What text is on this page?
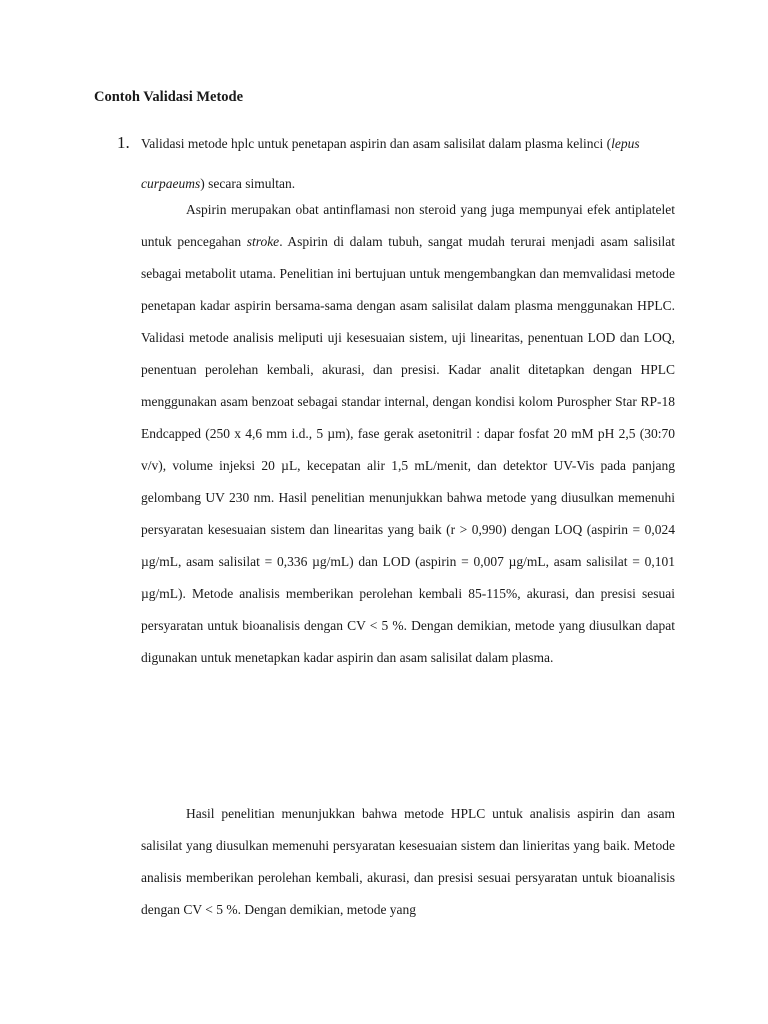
Contoh Validasi Metode
1. Validasi metode hplc untuk penetapan aspirin dan asam salisilat dalam plasma kelinci (lepus curpaeums) secara simultan.

Aspirin merupakan obat antinflamasi non steroid yang juga mempunyai efek antiplatelet untuk pencegahan stroke. Aspirin di dalam tubuh, sangat mudah terurai menjadi asam salisilat sebagai metabolit utama. Penelitian ini bertujuan untuk mengembangkan dan memvalidasi metode penetapan kadar aspirin bersama-sama dengan asam salisilat dalam plasma menggunakan HPLC. Validasi metode analisis meliputi uji kesesuaian sistem, uji linearitas, penentuan LOD dan LOQ, penentuan perolehan kembali, akurasi, dan presisi. Kadar analit ditetapkan dengan HPLC menggunakan asam benzoat sebagai standar internal, dengan kondisi kolom Purospher Star RP-18 Endcapped (250 x 4,6 mm i.d., 5 µm), fase gerak asetonitril : dapar fosfat 20 mM pH 2,5 (30:70 v/v), volume injeksi 20 µL, kecepatan alir 1,5 mL/menit, dan detektor UV-Vis pada panjang gelombang UV 230 nm. Hasil penelitian menunjukkan bahwa metode yang diusulkan memenuhi persyaratan kesesuaian sistem dan linearitas yang baik (r > 0,990) dengan LOQ (aspirin = 0,024 µg/mL, asam salisilat = 0,336 µg/mL) dan LOD (aspirin = 0,007 µg/mL, asam salisilat = 0,101 µg/mL). Metode analisis memberikan perolehan kembali 85-115%, akurasi, dan presisi sesuai persyaratan untuk bioanalisis dengan CV < 5 %. Dengan demikian, metode yang diusulkan dapat digunakan untuk menetapkan kadar aspirin dan asam salisilat dalam plasma.

Hasil penelitian menunjukkan bahwa metode HPLC untuk analisis aspirin dan asam salisilat yang diusulkan memenuhi persyaratan kesesuaian sistem dan linieritas yang baik. Metode analisis memberikan perolehan kembali, akurasi, dan presisi sesuai persyaratan untuk bioanalisis dengan CV < 5 %. Dengan demikian, metode yang
